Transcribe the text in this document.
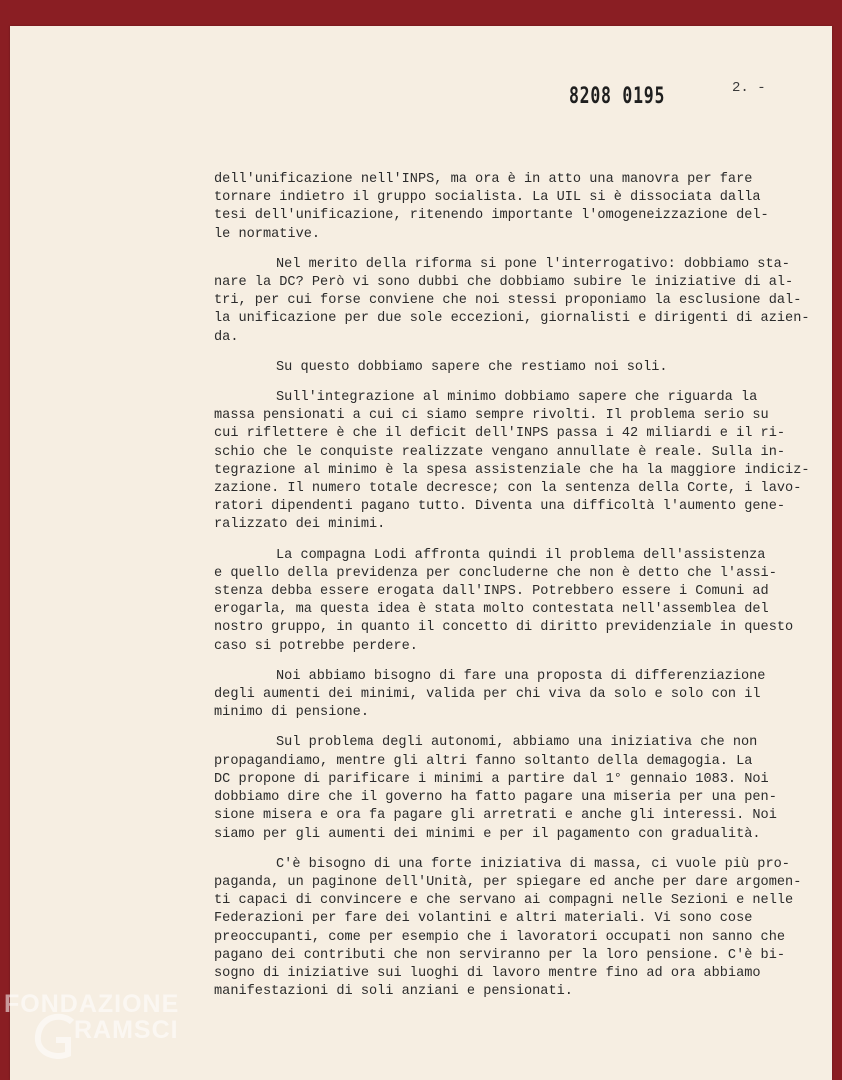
8208 0195	2. -
dell'unificazione nell'INPS, ma ora è in atto una manovra per fare
tornare indietro il gruppo socialista. La UIL si è dissociata dalla
tesi dell'unificazione, ritenendo importante l'omogeneizzazione del-
le normative.
Nel merito della riforma si pone l'interrogativo: dobbiamo sta-
nare la DC? Però vi sono dubbi che dobbiamo subire le iniziative di al-
tri, per cui forse conviene che noi stessi proponiamo la esclusione dal-
la unificazione per due sole eccezioni, giornalisti e dirigenti di azien-
da.
Su questo dobbiamo sapere che restiamo noi soli.
Sull'integrazione al minimo dobbiamo sapere che riguarda la
massa pensionati a cui ci siamo sempre rivolti. Il problema serio su
cui riflettere è che il deficit dell'INPS passa i 42 miliardi e il ri-
schio che le conquiste realizzate vengano annullate è reale. Sulla in-
tegrazione al minimo è la spesa assistenziale che ha la maggiore indiciz-
zazione. Il numero totale decresce; con la sentenza della Corte, i lavo-
ratori dipendenti pagano tutto. Diventa una difficoltà l'aumento gene-
ralizzato dei minimi.
La compagna Lodi affronta quindi il problema dell'assistenza
e quello della previdenza per concluderne che non è detto che l'assi-
stenza debba essere erogata dall'INPS. Potrebbero essere i Comuni ad
erogarla, ma questa idea è stata molto contestata nell'assemblea del
nostro gruppo, in quanto il concetto di diritto previdenziale in questo
caso si potrebbe perdere.
Noi abbiamo bisogno di fare una proposta di differenziazione
degli aumenti dei minimi, valida per chi viva da solo e solo con il
minimo di pensione.
Sul problema degli autonomi, abbiamo una iniziativa che non
propagandiamo, mentre gli altri fanno soltanto della demagogia. La
DC propone di parificare i minimi a partire dal 1° gennaio 1083. Noi
dobbiamo dire che il governo ha fatto pagare una miseria per una pen-
sione misera e ora fa pagare gli arretrati e anche gli interessi. Noi
siamo per gli aumenti dei minimi e per il pagamento con gradualità.
C'è bisogno di una forte iniziativa di massa, ci vuole più pro-
paganda, un paginone dell'Unità, per spiegare ed anche per dare argomen-
ti capaci di convincere e che servano ai compagni nelle Sezioni e nelle
Federazioni per fare dei volantini e altri materiali. Vi sono cose
preoccupanti, come per esempio che i lavoratori occupati non sanno che
pagano dei contributi che non serviranno per la loro pensione. C'è bi-
sogno di iniziative sui luoghi di lavoro mentre fino ad ora abbiamo
manifestazioni di soli anziani e pensionati.
FONDAZIONE
RAMSCI
